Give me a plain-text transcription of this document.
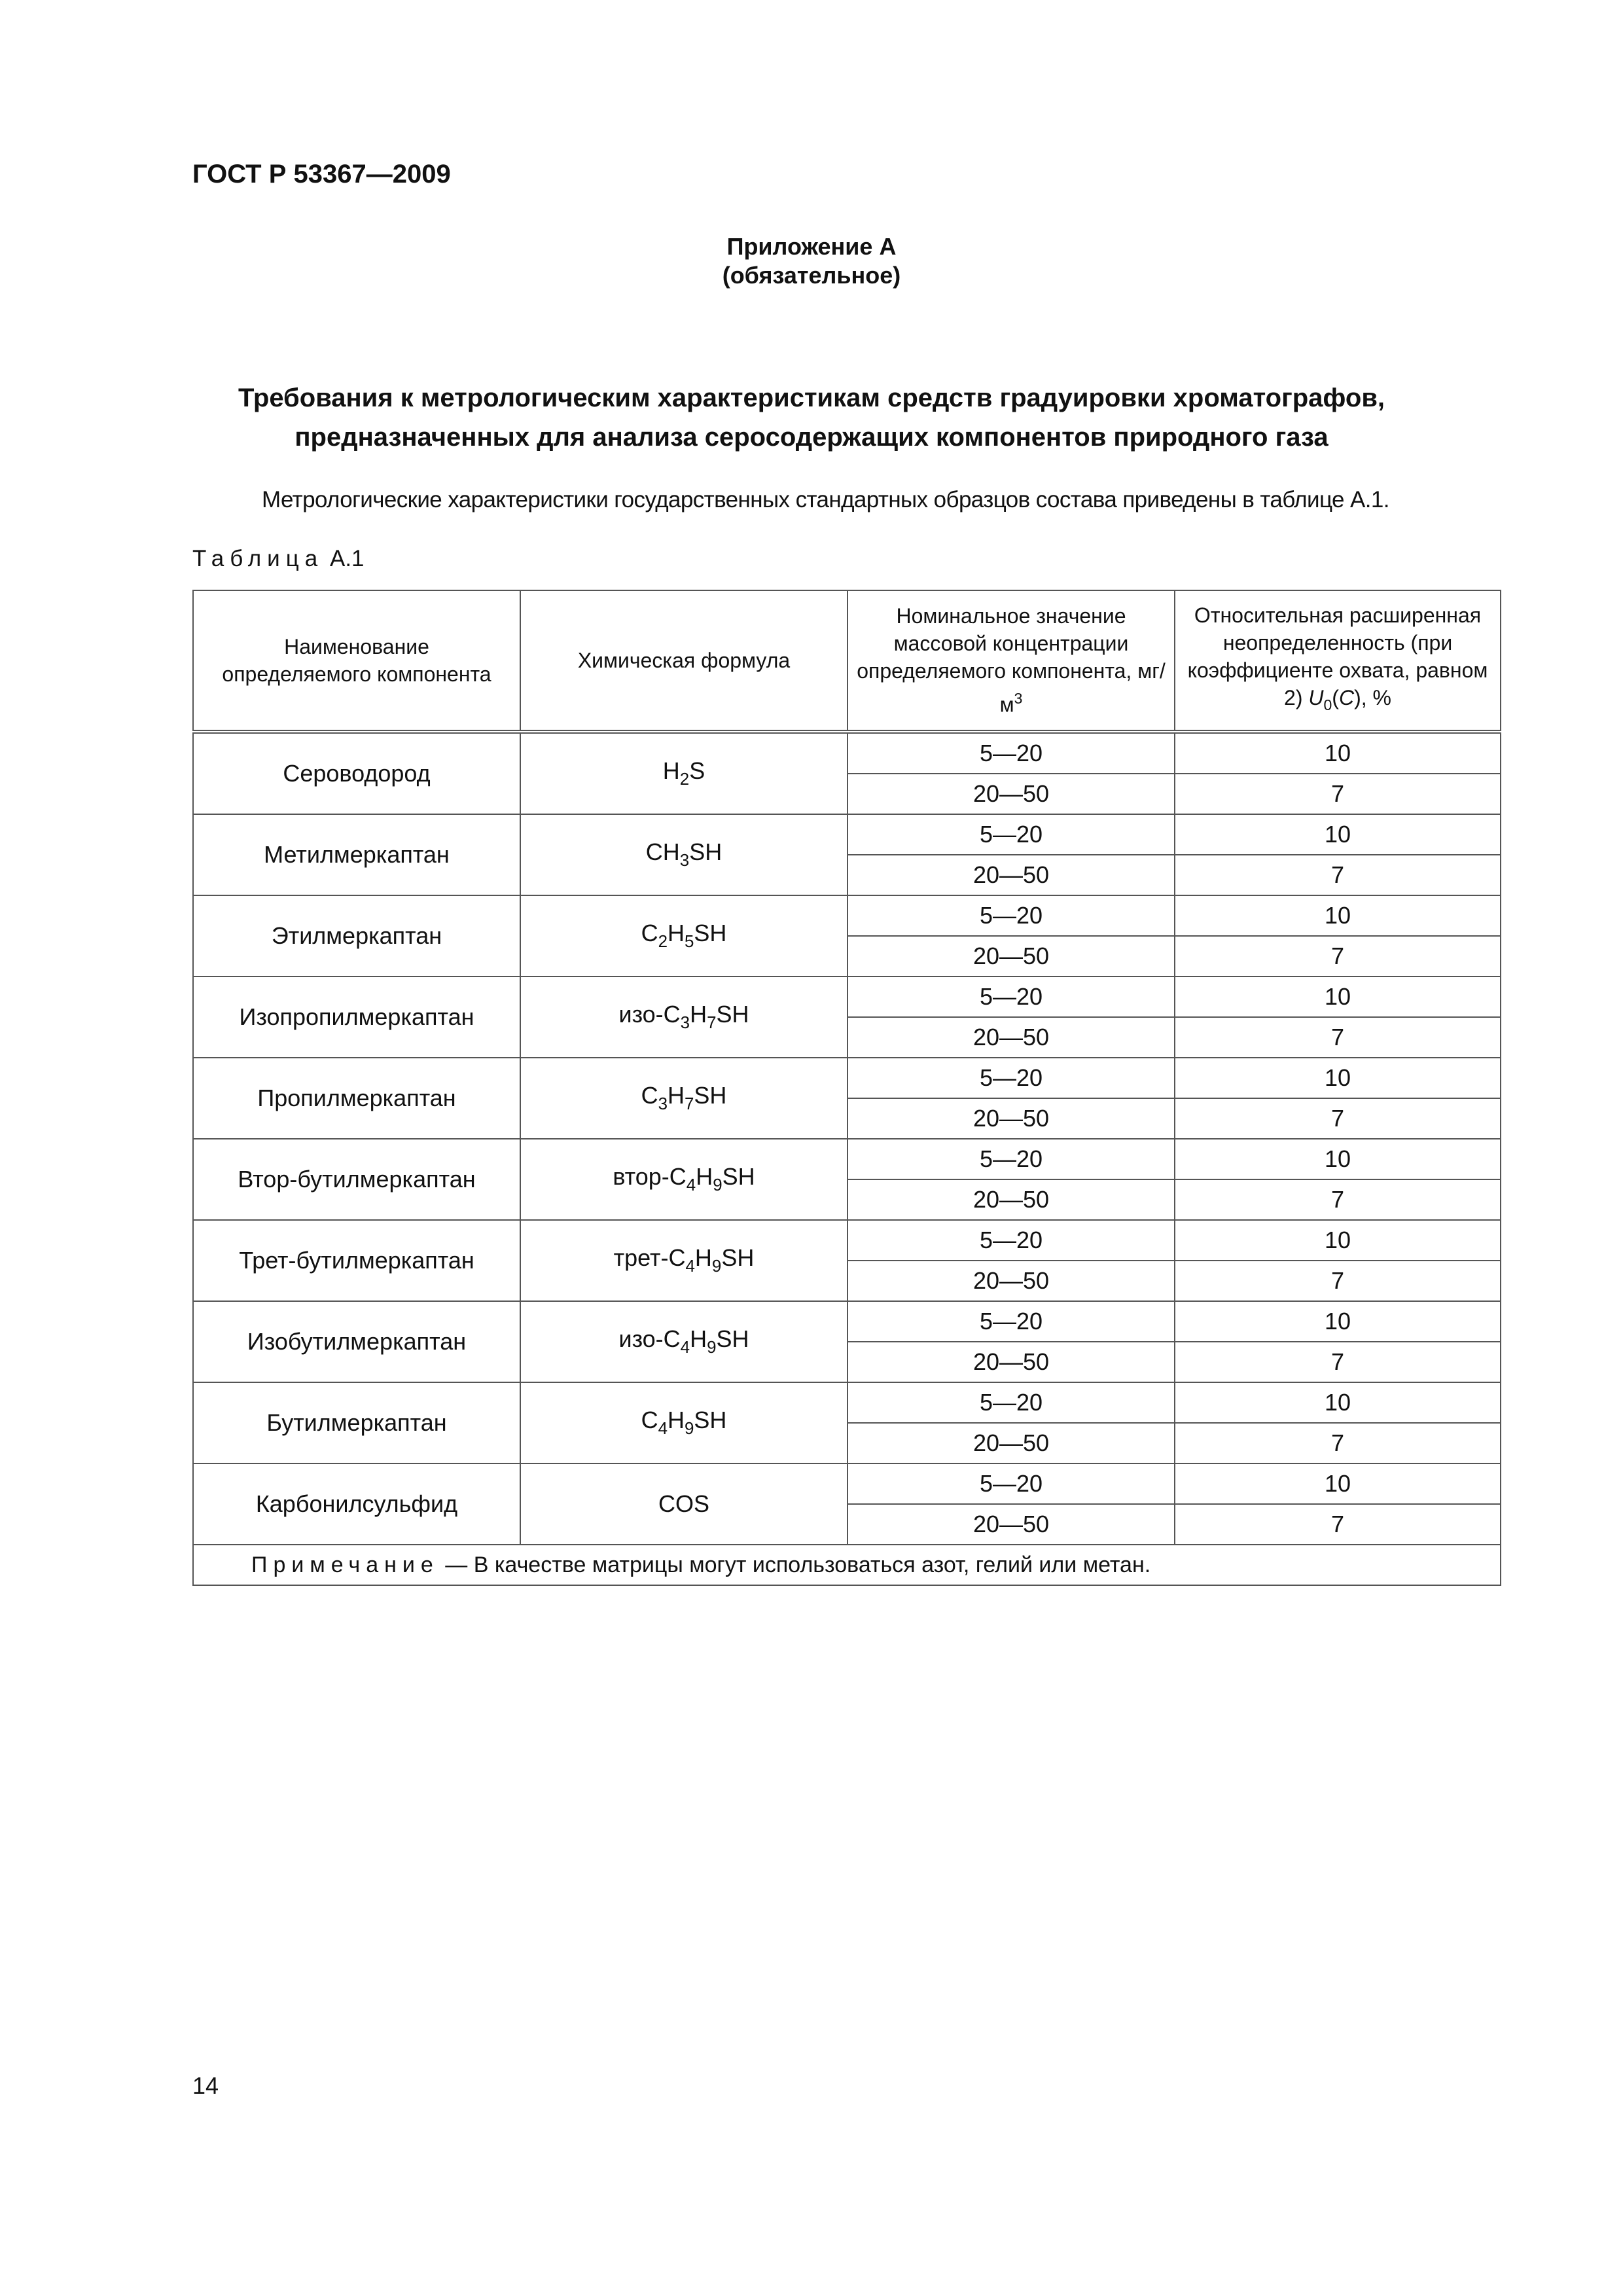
ГОСТ Р 53367—2009
Приложение А
(обязательное)
Требования к метрологическим характеристикам средств градуировки хроматографов,
предназначенных для анализа серосодержащих компонентов природного газа
Метрологические характеристики государственных стандартных образцов состава приведены в таблице А.1.
Таблица А.1
Наименование определяемого компонента	Химическая формула	Номинальное значение массовой концентрации определяемого компонента, $мг/м^3$	Относительная расширенная неопределенность (при коэффициенте охвата, равном 2) $U_0(C)$, %
Сероводород	$H_2S$	5—20	10
		20—50	7
Метилмеркаптан	$CH_3SH$	5—20	10
		20—50	7
Этилмеркаптан	$C_2H_5SH$	5—20	10
		20—50	7
Изопропилмеркаптан	изо-$C_3H_7SH$	5—20	10
		20—50	7
Пропилмеркаптан	$C_3H_7SH$	5—20	10
		20—50	7
Втор-бутилмеркаптан	втор-$C_4H_9SH$	5—20	10
		20—50	7
Трет-бутилмеркаптан	трет-$C_4H_9SH$	5—20	10
		20—50	7
Изобутилмеркаптан	изо-$C_4H_9SH$	5—20	10
		20—50	7
Бутилмеркаптан	$C_4H_9SH$	5—20	10
		20—50	7
Карбонилсульфид	COS	5—20	10
		20—50	7
Примечание — В качестве матрицы могут использоваться азот, гелий или метан.			
14
